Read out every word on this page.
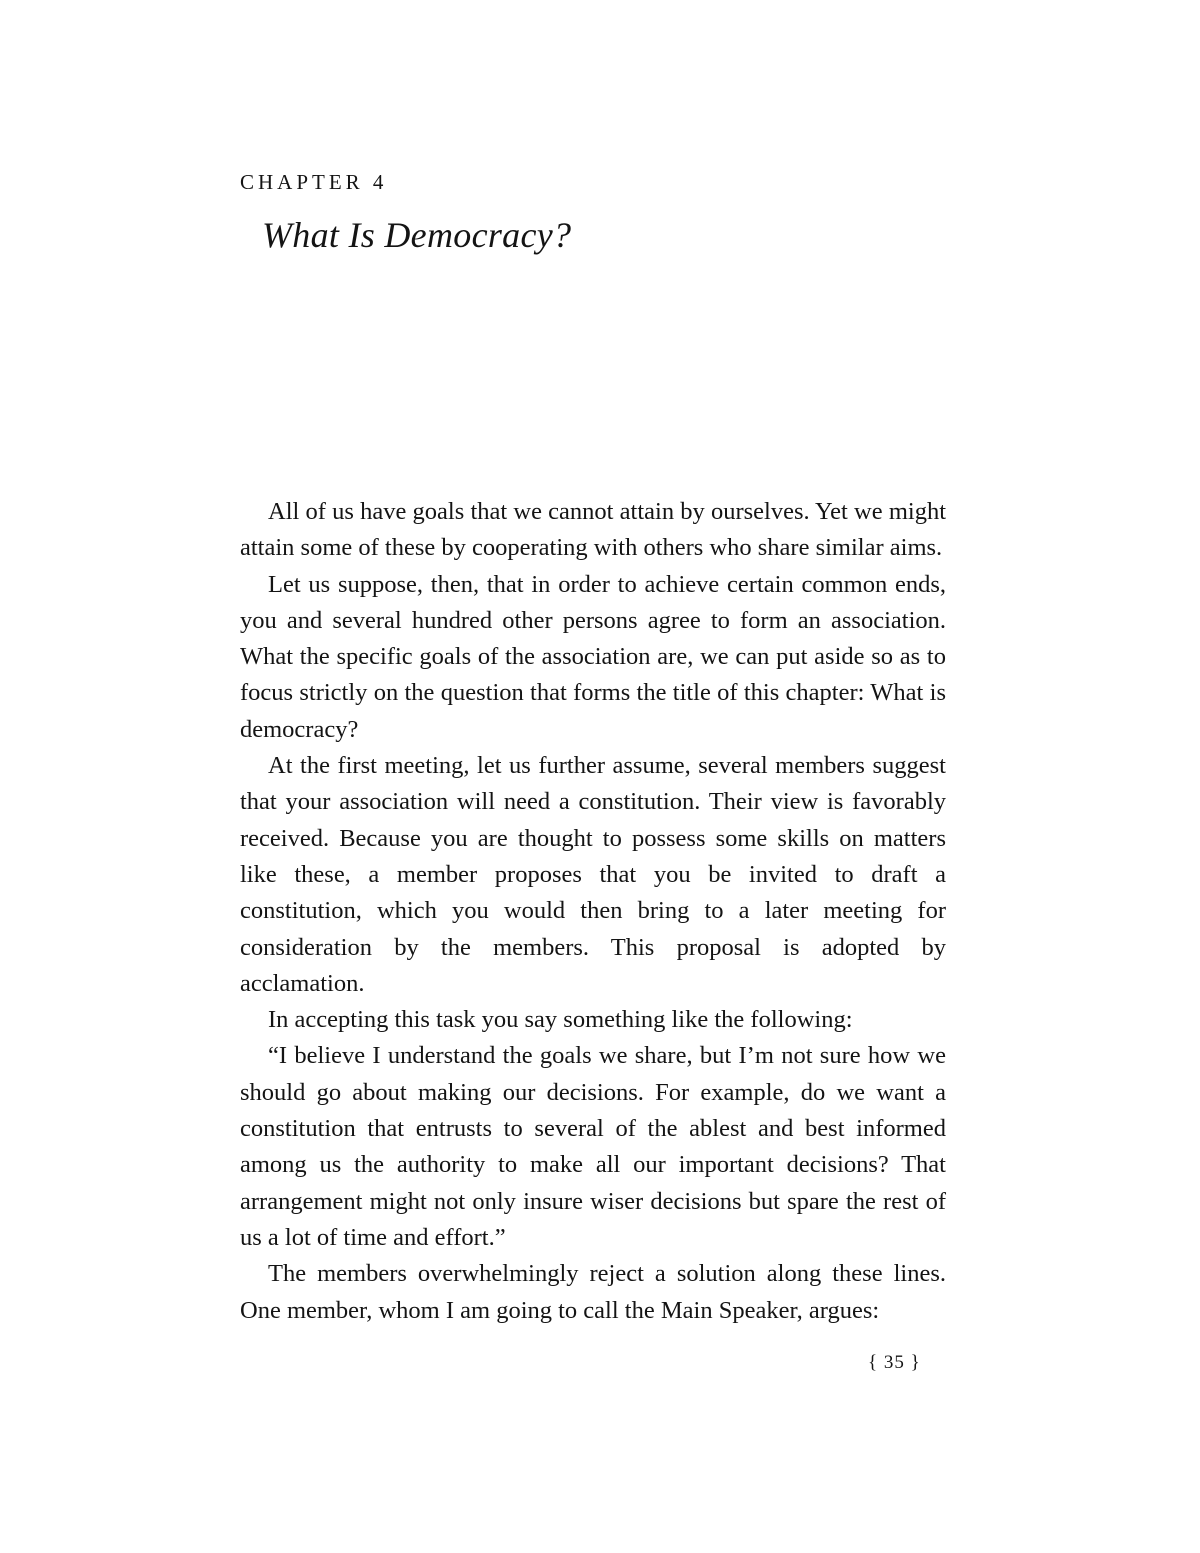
CHAPTER 4
What Is Democracy?

All of us have goals that we cannot attain by ourselves. Yet we might attain some of these by cooperating with others who share similar aims.

Let us suppose, then, that in order to achieve certain common ends, you and several hundred other persons agree to form an association. What the specific goals of the association are, we can put aside so as to focus strictly on the question that forms the title of this chapter: What is democracy?

At the first meeting, let us further assume, several members suggest that your association will need a constitution. Their view is favorably received. Because you are thought to possess some skills on matters like these, a member proposes that you be invited to draft a constitution, which you would then bring to a later meeting for consideration by the members. This proposal is adopted by acclamation.

In accepting this task you say something like the following:

“I believe I understand the goals we share, but I’m not sure how we should go about making our decisions. For example, do we want a constitution that entrusts to several of the ablest and best informed among us the authority to make all our important decisions? That arrangement might not only insure wiser decisions but spare the rest of us a lot of time and effort.”

The members overwhelmingly reject a solution along these lines. One member, whom I am going to call the Main Speaker, argues:

{ 35 }
